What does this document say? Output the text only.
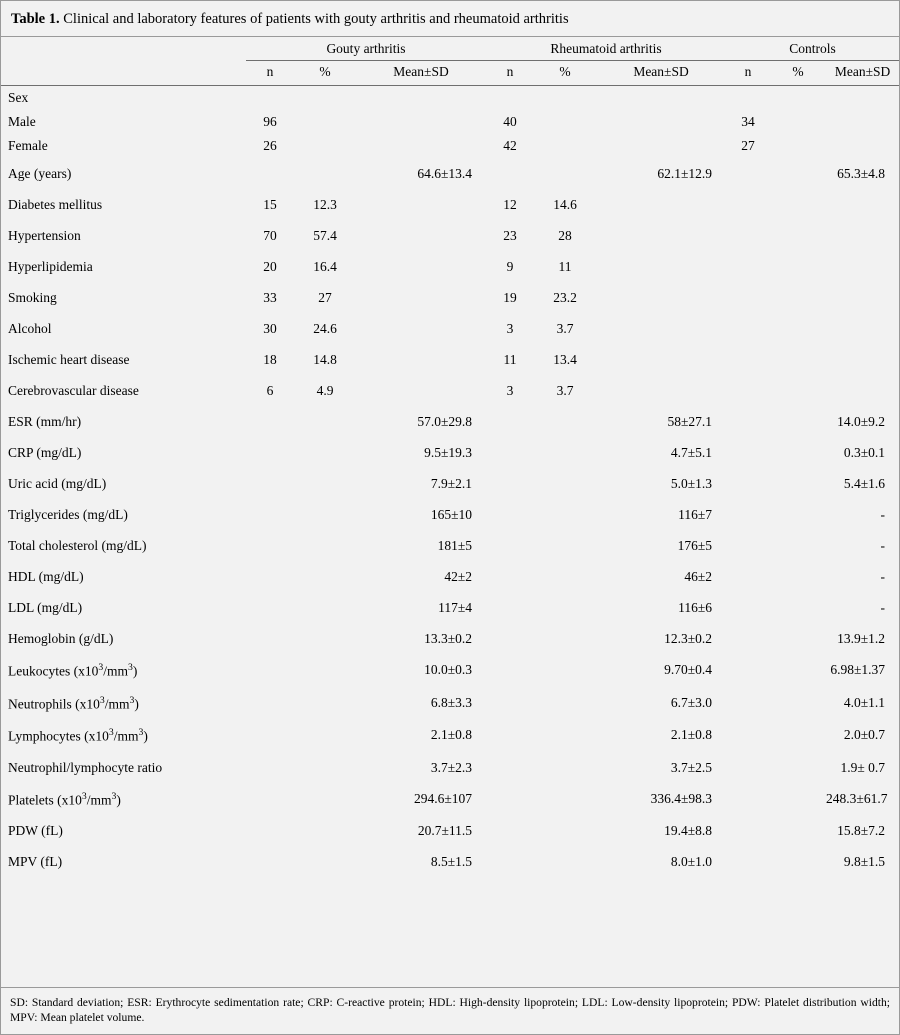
Table 1. Clinical and laboratory features of patients with gouty arthritis and rheumatoid arthritis
	Gouty arthritis			Rheumatoid arthritis			Controls		
	n	%	Mean±SD	n	%	Mean±SD	n	%	Mean±SD
Sex									
Male	96			40			34		
Female	26			42			27		
Age (years)			64.6±13.4			62.1±12.9			65.3±4.8
Diabetes mellitus	15	12.3		12	14.6				
Hypertension	70	57.4		23	28				
Hyperlipidemia	20	16.4		9	11				
Smoking	33	27		19	23.2				
Alcohol	30	24.6		3	3.7				
Ischemic heart disease	18	14.8		11	13.4				
Cerebrovascular disease	6	4.9		3	3.7				
ESR (mm/hr)			57.0±29.8			58±27.1			14.0±9.2
CRP (mg/dL)			9.5±19.3			4.7±5.1			0.3±0.1
Uric acid (mg/dL)			7.9±2.1			5.0±1.3			5.4±1.6
Triglycerides (mg/dL)			165±10			116±7			-
Total cholesterol (mg/dL)			181±5			176±5			-
HDL (mg/dL)			42±2			46±2			-
LDL (mg/dL)			117±4			116±6			-
Hemoglobin (g/dL)			13.3±0.2			12.3±0.2			13.9±1.2
Leukocytes $(x10^3/mm^3)$			10.0±0.3			9.70±0.4			6.98±1.37
Neutrophils $(x10^3/mm^3)$			6.8±3.3			6.7±3.0			4.0±1.1
Lymphocytes $(x10^3/mm^3)$			2.1±0.8			2.1±0.8			2.0±0.7
Neutrophil/lymphocyte ratio			3.7±2.3			3.7±2.5			1.9± 0.7
Platelets $(x10^3/mm^3)$			294.6±107			336.4±98.3			248.3±61.7
PDW (fL)			20.7±11.5			19.4±8.8			15.8±7.2
MPV (fL)			8.5±1.5			8.0±1.0			9.8±1.5
SD: Standard deviation; ESR: Erythrocyte sedimentation rate; CRP: C-reactive protein; HDL: High-density lipoprotein; LDL: Low-density lipoprotein; PDW: Platelet distribution width; MPV: Mean platelet volume.
